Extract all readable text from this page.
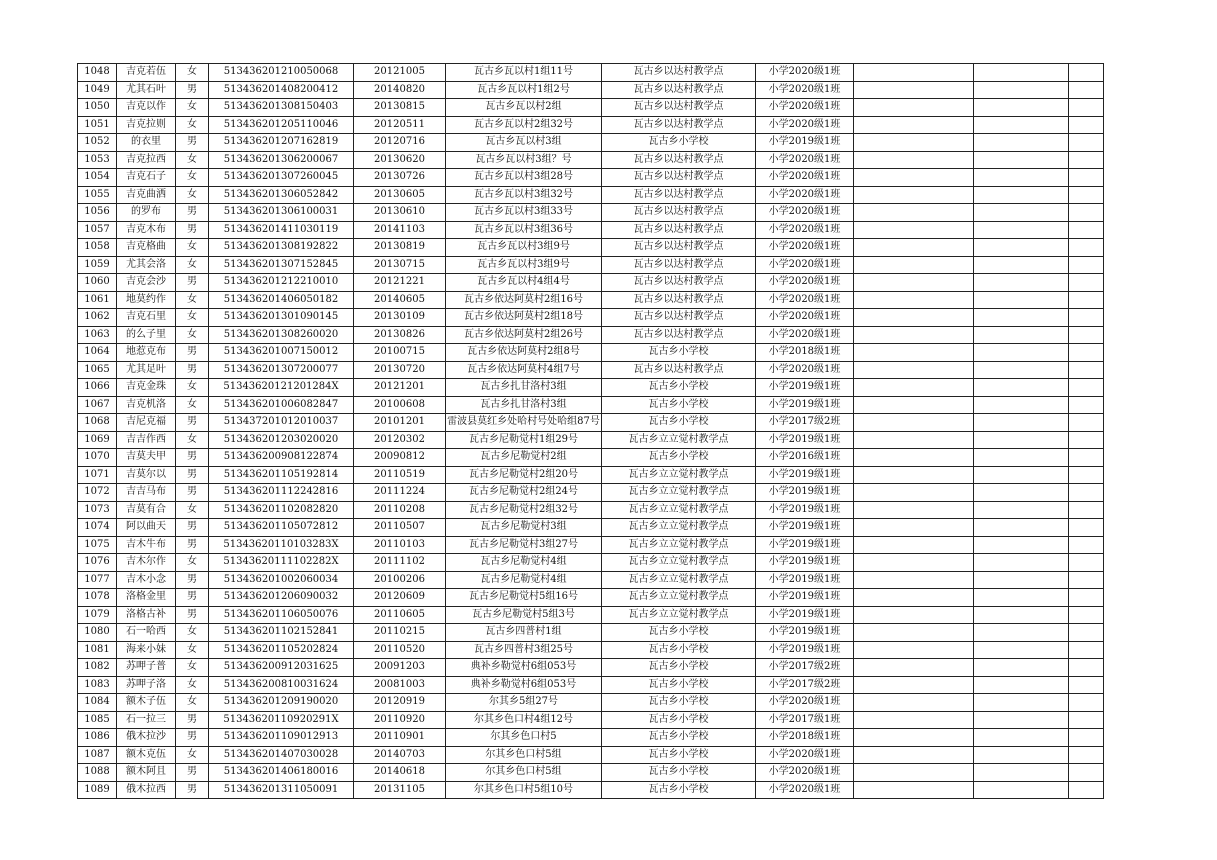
1048	吉克若伍	女	513436201210050068	20121005	瓦古乡瓦以村1组11号	瓦古乡以达村教学点	小学2020级1班			
1049	尤其石叶	男	513436201408200412	20140820	瓦古乡瓦以村1组2号	瓦古乡以达村教学点	小学2020级1班			
1050	吉克以作	女	513436201308150403	20130815	瓦古乡瓦以村2组	瓦古乡以达村教学点	小学2020级1班			
1051	吉克拉则	女	513436201205110046	20120511	瓦古乡瓦以村2组32号	瓦古乡以达村教学点	小学2020级1班			
1052	的衣里	男	513436201207162819	20120716	瓦古乡瓦以村3组	瓦古乡小学校	小学2019级1班			
1053	吉克拉西	女	513436201306200067	20130620	瓦古乡瓦以村3组？号	瓦古乡以达村教学点	小学2020级1班			
1054	吉克石子	女	513436201307260045	20130726	瓦古乡瓦以村3组28号	瓦古乡以达村教学点	小学2020级1班			
1055	吉克曲洒	女	513436201306052842	20130605	瓦古乡瓦以村3组32号	瓦古乡以达村教学点	小学2020级1班			
1056	的罗布	男	513436201306100031	20130610	瓦古乡瓦以村3组33号	瓦古乡以达村教学点	小学2020级1班			
1057	吉克木布	男	513436201411030119	20141103	瓦古乡瓦以村3组36号	瓦古乡以达村教学点	小学2020级1班			
1058	吉克格曲	女	513436201308192822	20130819	瓦古乡瓦以村3组9号	瓦古乡以达村教学点	小学2020级1班			
1059	尤其会洛	女	513436201307152845	20130715	瓦古乡瓦以村3组9号	瓦古乡以达村教学点	小学2020级1班			
1060	吉克会沙	男	513436201212210010	20121221	瓦古乡瓦以村4组4号	瓦古乡以达村教学点	小学2020级1班			
1061	地莫约作	女	513436201406050182	20140605	瓦古乡依达阿莫村2组16号	瓦古乡以达村教学点	小学2020级1班			
1062	吉克石里	女	513436201301090145	20130109	瓦古乡依达阿莫村2组18号	瓦古乡以达村教学点	小学2020级1班			
1063	的么子里	女	513436201308260020	20130826	瓦古乡依达阿莫村2组26号	瓦古乡以达村教学点	小学2020级1班			
1064	地惹克布	男	513436201007150012	20100715	瓦古乡依达阿莫村2组8号	瓦古乡小学校	小学2018级1班			
1065	尤其足叶	男	513436201307200077	20130720	瓦古乡依达阿莫村4组7号	瓦古乡以达村教学点	小学2020级1班			
1066	吉克金珠	女	51343620121201284X	20121201	瓦古乡扎甘洛村3组	瓦古乡小学校	小学2019级1班			
1067	吉克机洛	女	513436201006082847	20100608	瓦古乡扎甘洛村3组	瓦古乡小学校	小学2019级1班			
1068	吉尼克福	男	513437201012010037	20101201	雷波县莫红乡处哈村号处哈组87号	瓦古乡小学校	小学2017级2班			
1069	吉吉作西	女	513436201203020020	20120302	瓦古乡尼勒觉村1组29号	瓦古乡立立觉村教学点	小学2019级1班			
1070	吉莫夫甲	男	513436200908122874	20090812	瓦古乡尼勒觉村2组	瓦古乡小学校	小学2016级1班			
1071	吉莫尔以	男	513436201105192814	20110519	瓦古乡尼勒觉村2组20号	瓦古乡立立觉村教学点	小学2019级1班			
1072	吉吉马布	男	513436201112242816	20111224	瓦古乡尼勒觉村2组24号	瓦古乡立立觉村教学点	小学2019级1班			
1073	吉莫有合	女	513436201102082820	20110208	瓦古乡尼勒觉村2组32号	瓦古乡立立觉村教学点	小学2019级1班			
1074	阿以曲天	男	513436201105072812	20110507	瓦古乡尼勒觉村3组	瓦古乡立立觉村教学点	小学2019级1班			
1075	吉木牛布	男	51343620110103283X	20110103	瓦古乡尼勒觉村3组27号	瓦古乡立立觉村教学点	小学2019级1班			
1076	吉木尔作	女	51343620111102282X	20111102	瓦古乡尼勒觉村4组	瓦古乡立立觉村教学点	小学2019级1班			
1077	吉木小念	男	513436201002060034	20100206	瓦古乡尼勒觉村4组	瓦古乡立立觉村教学点	小学2019级1班			
1078	洛格金里	男	513436201206090032	20120609	瓦古乡尼勒觉村5组16号	瓦古乡立立觉村教学点	小学2019级1班			
1079	洛格古补	男	513436201106050076	20110605	瓦古乡尼勒觉村5组3号	瓦古乡立立觉村教学点	小学2019级1班			
1080	石一哈西	女	513436201102152841	20110215	瓦古乡四普村1组	瓦古乡小学校	小学2019级1班			
1081	海来小妹	女	513436201105202824	20110520	瓦古乡四普村3组25号	瓦古乡小学校	小学2019级1班			
1082	苏呷子普	女	513436200912031625	20091203	典补乡勒觉村6组053号	瓦古乡小学校	小学2017级2班			
1083	苏呷子洛	女	513436200810031624	20081003	典补乡勒觉村6组053号	瓦古乡小学校	小学2017级2班			
1084	额木子伍	女	513436201209190020	20120919	尔其乡5组27号	瓦古乡小学校	小学2020级1班			
1085	石一拉三	男	51343620110920291X	20110920	尔其乡色口村4组12号	瓦古乡小学校	小学2017级1班			
1086	俄木拉沙	男	513436201109012913	20110901	尔其乡色口村5	瓦古乡小学校	小学2018级1班			
1087	额木克伍	女	513436201407030028	20140703	尔其乡色口村5组	瓦古乡小学校	小学2020级1班			
1088	额木阿且	男	513436201406180016	20140618	尔其乡色口村5组	瓦古乡小学校	小学2020级1班			
1089	俄木拉西	男	513436201311050091	20131105	尔其乡色口村5组10号	瓦古乡小学校	小学2020级1班			
